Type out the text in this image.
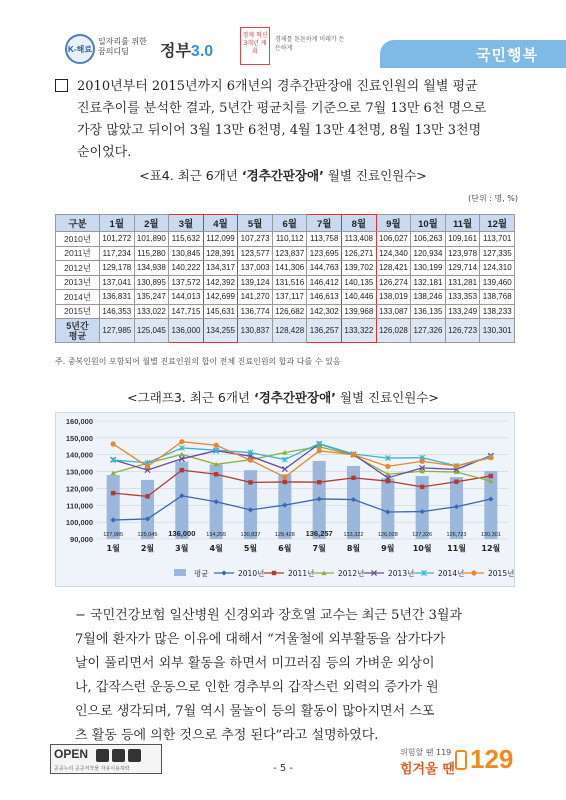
K-해료
일자리를 위한 꿈의디딤	정부3.0
경제 혁신 3개년 계획
경제를 튼튼하게 미래가 든든하게	국민행복
2010년부터 2015년까지 6개년의 경추간판장애 진료인원의 월별 평균
진료추이를 분석한 결과, 5년간 평균치를 기준으로 7월 13만 6천 명으로
가장 많았고 뒤이어 3월 13만 6천명, 4월 13만 4천명, 8월 13만 3천명
순이었다.
<표4. 최근 6개년 ‘경추간판장애’ 월별 진료인원수>
(단위 : 명, %)
구분	1월	2월	3월	4월	5월	6월	7월	8월	9월	10월	11월	12월
2010년	101,272	101,890	115,632	112,099	107,273	110,112	113,758	113,408	106,027	106,263	109,161	113,701
2011년	117,234	115,280	130,845	128,391	123,577	123,837	123,695	126,271	124,340	120,934	123,978	127,335
2012년	129,178	134,938	140,222	134,317	137,003	141,306	144,763	139,702	128,421	130,199	129,714	124,310
2013년	137,041	130,895	137,572	142,392	139,124	131,516	146,412	140,135	126,274	132,181	131,281	139,460
2014년	136,831	135,247	144,013	142,699	141,270	137,117	146,613	140,446	138,019	138,246	133,353	138,768
2015년	146,353	133,022	147,715	145,631	136,774	126,682	142,302	139,968	133,087	136,135	133,249	138,233
5년간
평균	127,985	125,045	136,000	134,255	130,837	128,428	136,257	133,322	126,028	127,326	126,723	130,301
주. 중복인원이 포함되어 월별 진료인원의 합이 전체 진료인원의 합과 다를 수 있음
<그래프3. 최근 6개년 ‘경추간판장애’ 월별 진료인원수>
90,000
100,000
110,000
120,000
130,000
140,000
150,000
160,000
127,985	125,045 136,000 134,255	130,837	128,428 136,257 133,322	126,028	127,326	126,723	130,301
1월	2월	3월	4월	5월	6월	7월	8월	9월 10월 11월 12월
평균	2010년	2011년	2012년	2013년	2014년	2015년
− 국민건강보험 일산병원 신경외과 장호열 교수는 최근 5년간 3월과
7월에 환자가 많은 이유에 대해서 “겨울철에 외부활동을 삼가다가
날이 풀리면서 외부 활동을 하면서 미끄러짐 등의 가벼운 외상이
나, 갑작스런 운동으로 인한 경추부의 갑작스런 외력의 증가가 원
인으로 생각되며, 7월 역시 물놀이 등의 활동이 많아지면서 스포
츠 활동 등에 의한 것으로 추정 된다”라고 설명하였다.
OPEN
공공누리 공공저작물 자유이용허락	- 5 -
위험할 땐 119
힘겨울 땐 129
